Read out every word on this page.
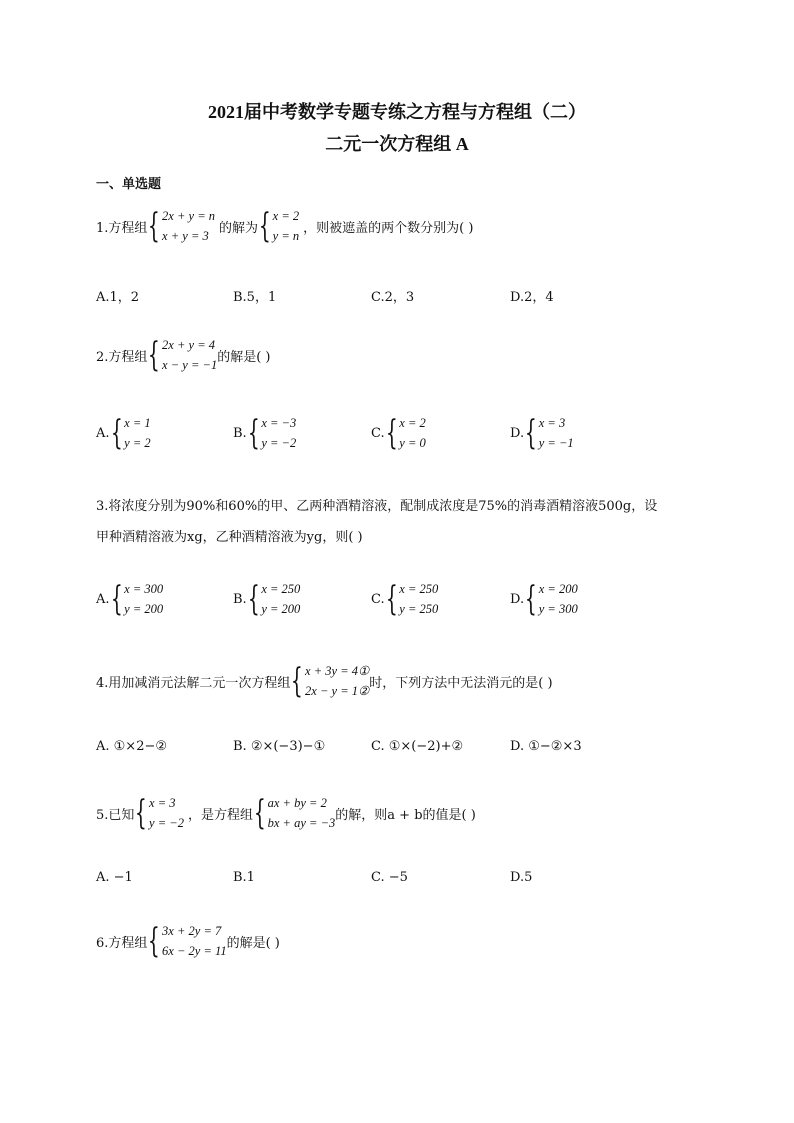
2021届中考数学专题专练之方程与方程组（二）
二元一次方程组 A
一、单选题
1.方程组 { 2x + y = n
x + y = 3
的解为 { x = 2
y = n
，则被遮盖的两个数分别为( )
A.1，2	B.5，1	C.2，3	D.2，4
2.方程组 { 2x + y = 4
x − y = −1
的解是( )
A. { x = 1
y = 2
B. { x = −3
y = −2
C. { x = 2
y = 0
D. { x = 3
y = −1
3.将浓度分别为90%和60%的甲、乙两种酒精溶液，配制成浓度是75%的消毒酒精溶液500g，设
甲种酒精溶液为xg，乙种酒精溶液为yg，则( )
A. { x = 300
y = 200
B. { x = 250
y = 200
C. { x = 250
y = 250
D. { x = 200
y = 300
4.用加减消元法解二元一次方程组 { x + 3y = 4①
2x − y = 1②
时，下列方法中无法消元的是( )
A. ①×2−②	B. ②×(−3)−①	C. ①×(−2)+②	D. ①−②×3
5.已知 { x = 3
y = −2
，是方程组 { ax + by = 2
bx + ay = −3
的解，则a + b的值是( )
A. −1	B.1	C. −5	D.5
6.方程组 { 3x + 2y = 7
6x − 2y = 11
的解是( )
